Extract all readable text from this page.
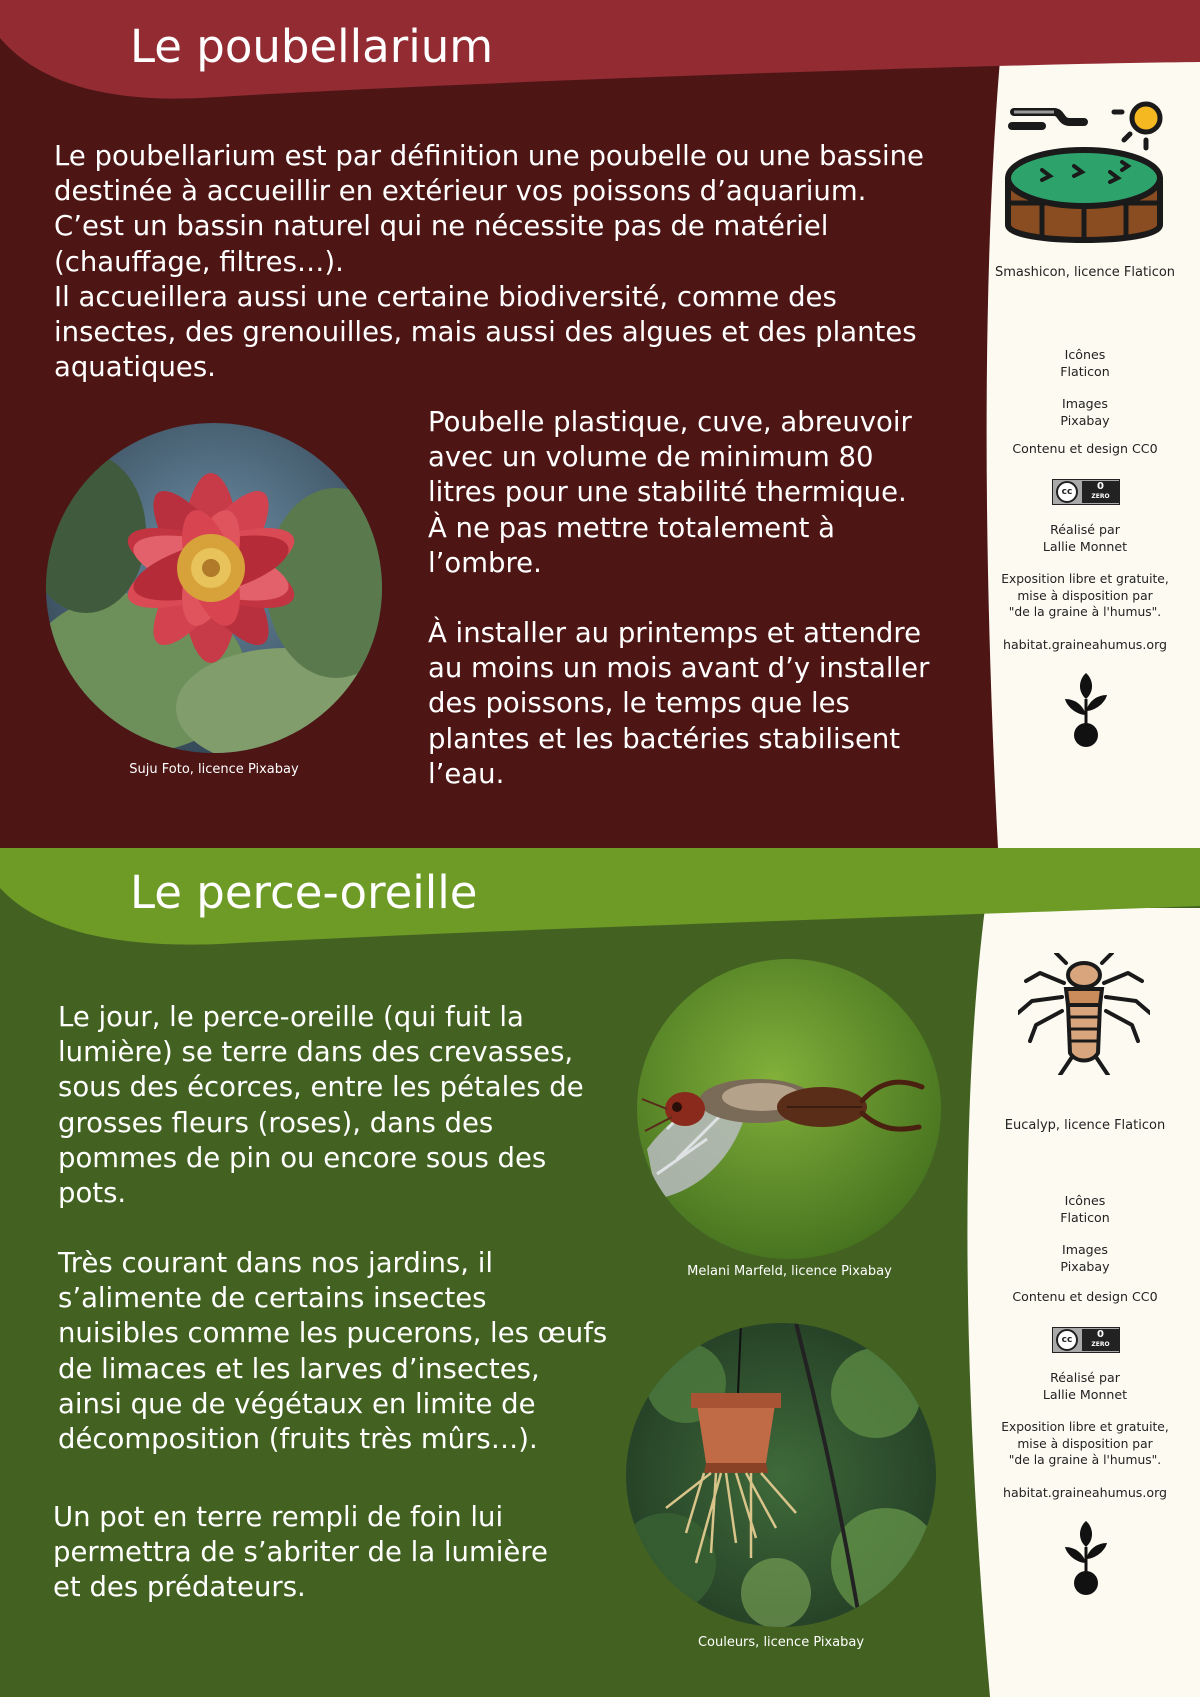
Le poubellarium

Le poubellarium est par définition une poubelle ou une bassine

destinée à accueillir en extérieur vos poissons d’aquarium.

C’est un bassin naturel qui ne nécessite pas de matériel

(chauffage, filtres…).

Il accueillera aussi une certaine biodiversité, comme des

insectes, des grenouilles, mais aussi des algues et des plantes

aquatiques.

Suju Foto, licence Pixabay

Poubelle plastique, cuve, abreuvoir

avec un volume de minimum 80

litres pour une stabilité thermique.

À ne pas mettre totalement à

l’ombre.

À installer au printemps et attendre

au moins un mois avant d’y installer

des poissons, le temps que les

plantes et les bactéries stabilisent

l’eau.

Smashicon, licence Flaticon
Icônes
Flaticon
Images
Pixabay
Contenu et design CC0
cc	0
ZERO
Réalisé par
Lallie Monnet
Exposition libre et gratuite,
mise à disposition par
"de la graine à l'humus".
habitat.graineahumus.org
Le perce-oreille

Le jour, le perce-oreille (qui fuit la

lumière) se terre dans des crevasses,

sous des écorces, entre les pétales de

grosses fleurs (roses), dans des

pommes de pin ou encore sous des

pots.

Très courant dans nos jardins, il

s’alimente de certains insectes

nuisibles comme les pucerons, les œufs

de limaces et les larves d’insectes,

ainsi que de végétaux en limite de

décomposition (fruits très mûrs…).

Un pot en terre rempli de foin lui

permettra de s’abriter de la lumière

et des prédateurs.

Melani Marfeld, licence Pixabay
Couleurs, licence Pixabay
Eucalyp, licence Flaticon
Icônes
Flaticon
Images
Pixabay
Contenu et design CC0
cc	0
ZERO
Réalisé par
Lallie Monnet
Exposition libre et gratuite,
mise à disposition par
"de la graine à l'humus".
habitat.graineahumus.org
